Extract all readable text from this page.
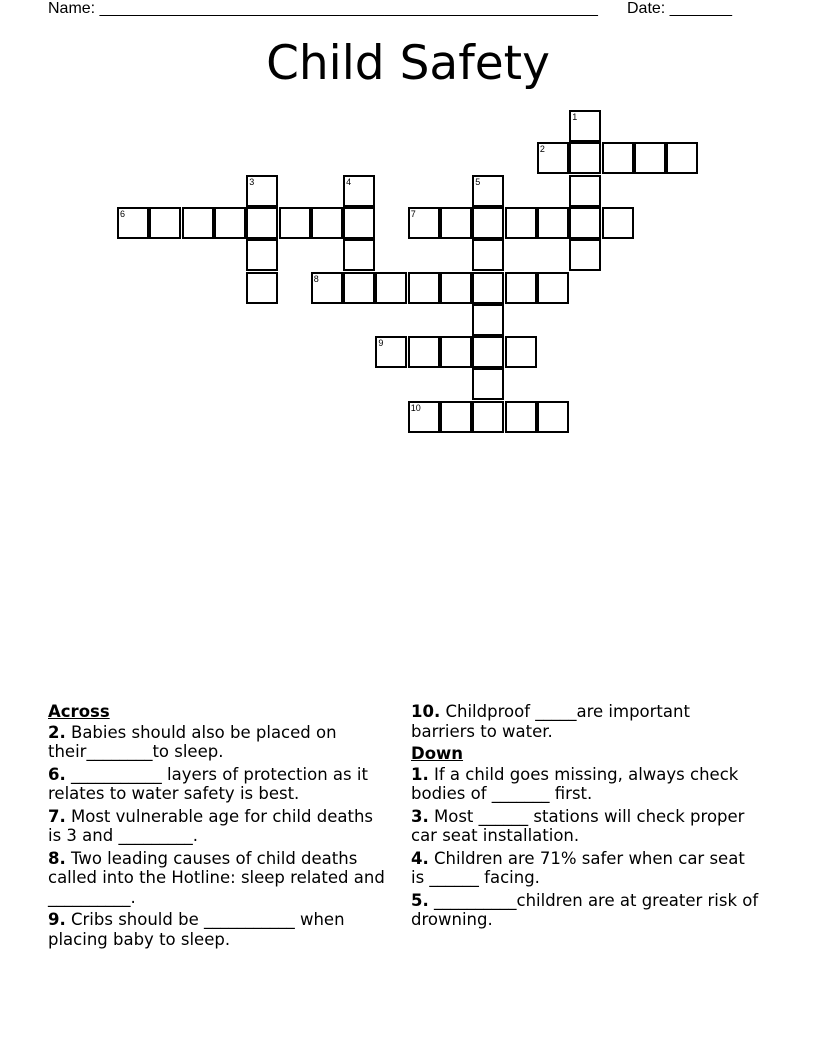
Name: ________________________________________________________ Date: _______
Child Safety
1
2
3	4	5
6	7
8
9
10
Across
2. Babies should also be placed on their________to sleep.
6. ___________ layers of protection as it relates to water safety is best.
7. Most vulnerable age for child deaths is 3 and _________.
8. Two leading causes of child deaths called into the Hotline: sleep related and __________.
9. Cribs should be ___________ when placing baby to sleep.
10. Childproof _____are important barriers to water.
Down
1. If a child goes missing, always check bodies of _______ first.
3. Most ______ stations will check proper car seat installation.
4. Children are 71% safer when car seat is ______ facing.
5. __________children are at greater risk of drowning.
